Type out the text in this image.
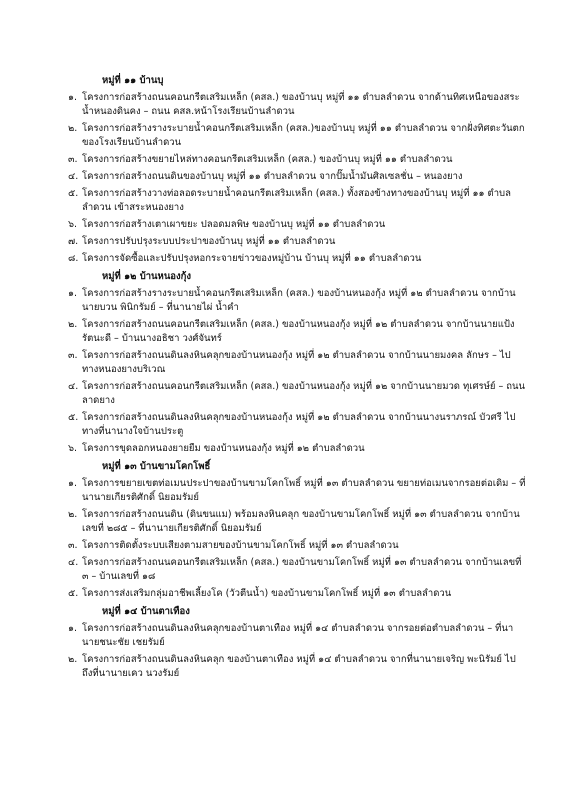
หมู่ที่ ๑๑ บ้านบุ
๑. โครงการก่อสร้างถนนคอนกรีตเสริมเหล็ก (คสล.) ของบ้านบุ หมู่ที่ ๑๑ ตำบลลำดวน จากด้านทิศเหนือของสระน้ำหนองดินคง – ถนน คสล.หน้าโรงเรียนบ้านลำดวน
๒. โครงการก่อสร้างรางระบายน้ำคอนกรีตเสริมเหล็ก (คสล.)ของบ้านบุ หมู่ที่ ๑๑ ตำบลลำดวน จากฝั่งทิศตะวันตกของโรงเรียนบ้านลำดวน
๓. โครงการก่อสร้างขยายไหล่ทางคอนกรีตเสริมเหล็ก (คสล.) ของบ้านบุ หมู่ที่ ๑๑ ตำบลลำดวน
๔. โครงการก่อสร้างถนนดินของบ้านบุ หมู่ที่ ๑๑ ตำบลลำดวน จากปั๊มน้ำมันศิลเซลชั่น – หนองยาง
๕. โครงการก่อสร้างวางท่อลอดระบายน้ำคอนกรีตเสริมเหล็ก (คสล.) ทั้งสองข้างทางของบ้านบุ หมู่ที่ ๑๑ ตำบลลำดวน เข้าสระหนองยาง
๖. โครงการก่อสร้างเตาเผาขยะ ปลอดมลพิษ ของบ้านบุ หมู่ที่ ๑๑ ตำบลลำดวน
๗. โครงการปรับปรุงระบบประปาของบ้านบุ หมู่ที่ ๑๑ ตำบลลำดวน
๘. โครงการจัดซื้อและปรับปรุงหอกระจายข่าวของหมู่บ้าน บ้านบุ หมู่ที่ ๑๑ ตำบลลำดวน
หมู่ที่ ๑๒ บ้านหนองกุ้ง
๑. โครงการก่อสร้างรางระบายน้ำคอนกรีตเสริมเหล็ก (คสล.) ของบ้านหนองกุ้ง หมู่ที่ ๑๒ ตำบลลำดวน จากบ้านนายบวน พินิกรัมย์ – ที่นานายไผ่ น้ำคำ
๒. โครงการก่อสร้างถนนคอนกรีตเสริมเหล็ก (คสล.) ของบ้านหนองกุ้ง หมู่ที่ ๑๒ ตำบลลำดวน จากบ้านนายแป้ง รัตนะดี – บ้านนางอธิชา วงศ์จันทร์
๓. โครงการก่อสร้างถนนดินลงหินคลุกของบ้านหนองกุ้ง หมู่ที่ ๑๒ ตำบลลำดวน จากบ้านนายมงคล ลักษร – ไปทางหนองยางบริเวณ
๔. โครงการก่อสร้างถนนคอนกรีตเสริมเหล็ก (คสล.) ของบ้านหนองกุ้ง หมู่ที่ ๑๒ จากบ้านนายมวด ทุเศรษ์ย์ – ถนนลาดยาง
๕. โครงการก่อสร้างถนนดินลงหินคลุกของบ้านหนองกุ้ง หมู่ที่ ๑๒ ตำบลลำดวน จากบ้านนางนราภรณ์ บัวศรี ไปทางที่นานางใจบ้านประตู
๖. โครงการขุดลอกหนองยายยืม ของบ้านหนองกุ้ง หมู่ที่ ๑๒ ตำบลลำดวน
หมู่ที่ ๑๓ บ้านขามโคกโพธิ์
๑. โครงการขยายเขตท่อเมนประปาของบ้านขามโคกโพธิ์ หมู่ที่ ๑๓ ตำบลลำดวน ขยายท่อเมนจากรอยต่อเดิม – ที่นานายเกียรติศักดิ์ นิยอมรัมย์
๒. โครงการก่อสร้างถนนดิน (ดินขนแม) พร้อมลงหินคลุก ของบ้านขามโคกโพธิ์ หมู่ที่ ๑๓ ตำบลลำดวน จากบ้านเลขที่ ๒๘๕ – ที่นานายเกียรติศักดิ์ นิยอมรัมย์
๓. โครงการติดตั้งระบบเสียงตามสายของบ้านขามโคกโพธิ์ หมู่ที่ ๑๓ ตำบลลำดวน
๔. โครงการก่อสร้างถนนคอนกรีตเสริมเหล็ก (คสล.) ของบ้านขามโคกโพธิ์ หมู่ที่ ๑๓ ตำบลลำดวน จากบ้านเลขที่ ๓ – บ้านเลขที่ ๑๘
๕. โครงการส่งเสริมกลุ่มอาชีพเลี้ยงโค (วัวตีนน้ำ) ของบ้านขามโคกโพธิ์ หมู่ที่ ๑๓ ตำบลลำดวน
หมู่ที่ ๑๔ บ้านตาเทือง
๑. โครงการก่อสร้างถนนดินลงหินคลุกของบ้านตาเทือง หมู่ที่ ๑๔ ตำบลลำดวน จากรอยต่อตำบลลำดวน – ที่นานายชนะชัย เชยรัมย์
๒. โครงการก่อสร้างถนนดินลงหินคลุก ของบ้านตาเทือง หมู่ที่ ๑๔ ตำบลลำดวน จากที่นานายเจริญ พะนิรัมย์ ไปถึงที่นานายเคว นวงรัมย์
